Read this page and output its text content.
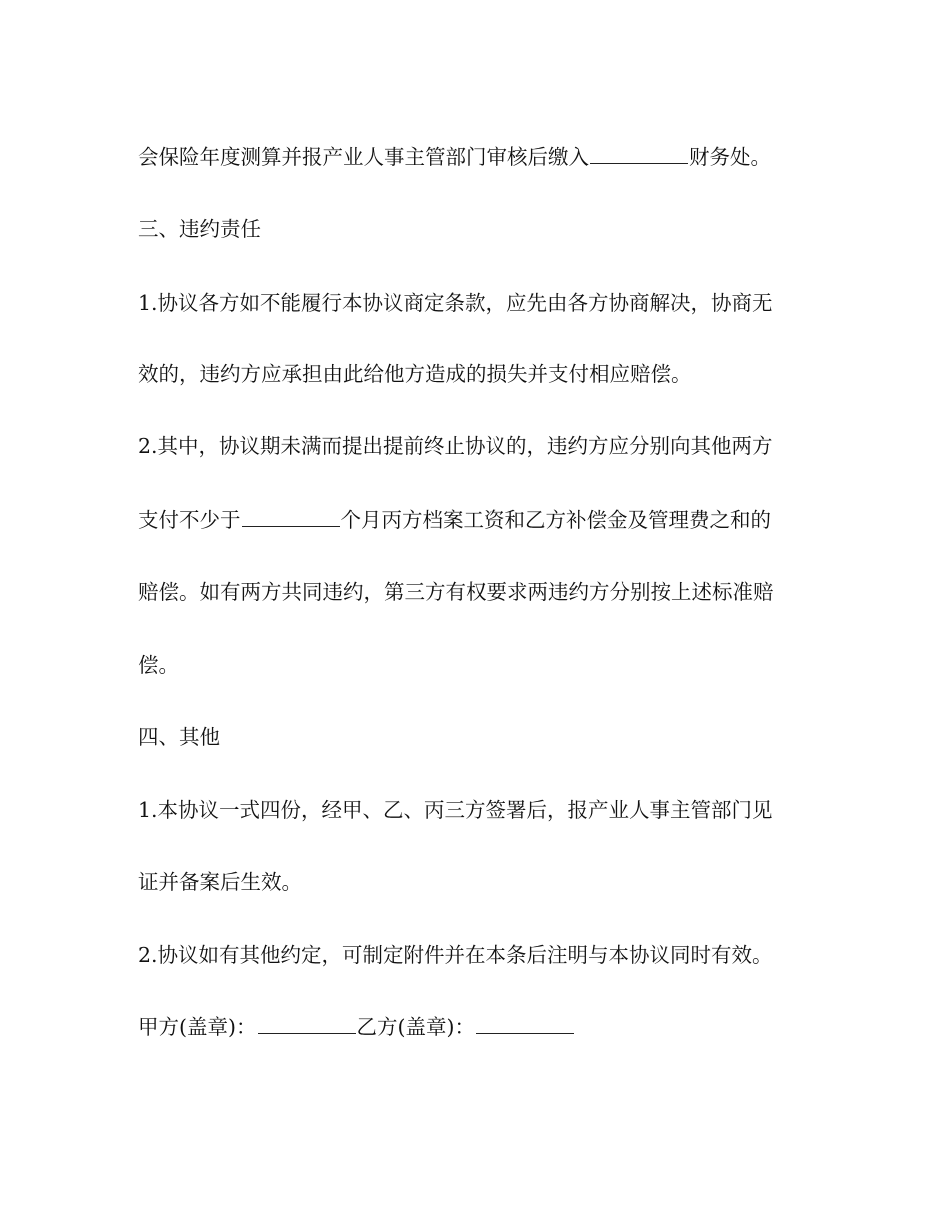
会保险年度测算并报产业人事主管部门审核后缴入	财务处。
三、违约责任
1.协议各方如不能履行本协议商定条款，应先由各方协商解决，协商无
效的，违约方应承担由此给他方造成的损失并支付相应赔偿。
2.其中，协议期未满而提出提前终止协议的，违约方应分别向其他两方
支付不少于	个月丙方档案工资和乙方补偿金及管理费之和的
赔偿。如有两方共同违约，第三方有权要求两违约方分别按上述标准赔
偿。
四、其他
1.本协议一式四份，经甲、乙、丙三方签署后，报产业人事主管部门见
证并备案后生效。
2.协议如有其他约定，可制定附件并在本条后注明与本协议同时有效。
甲方(盖章)：	乙方(盖章)：
